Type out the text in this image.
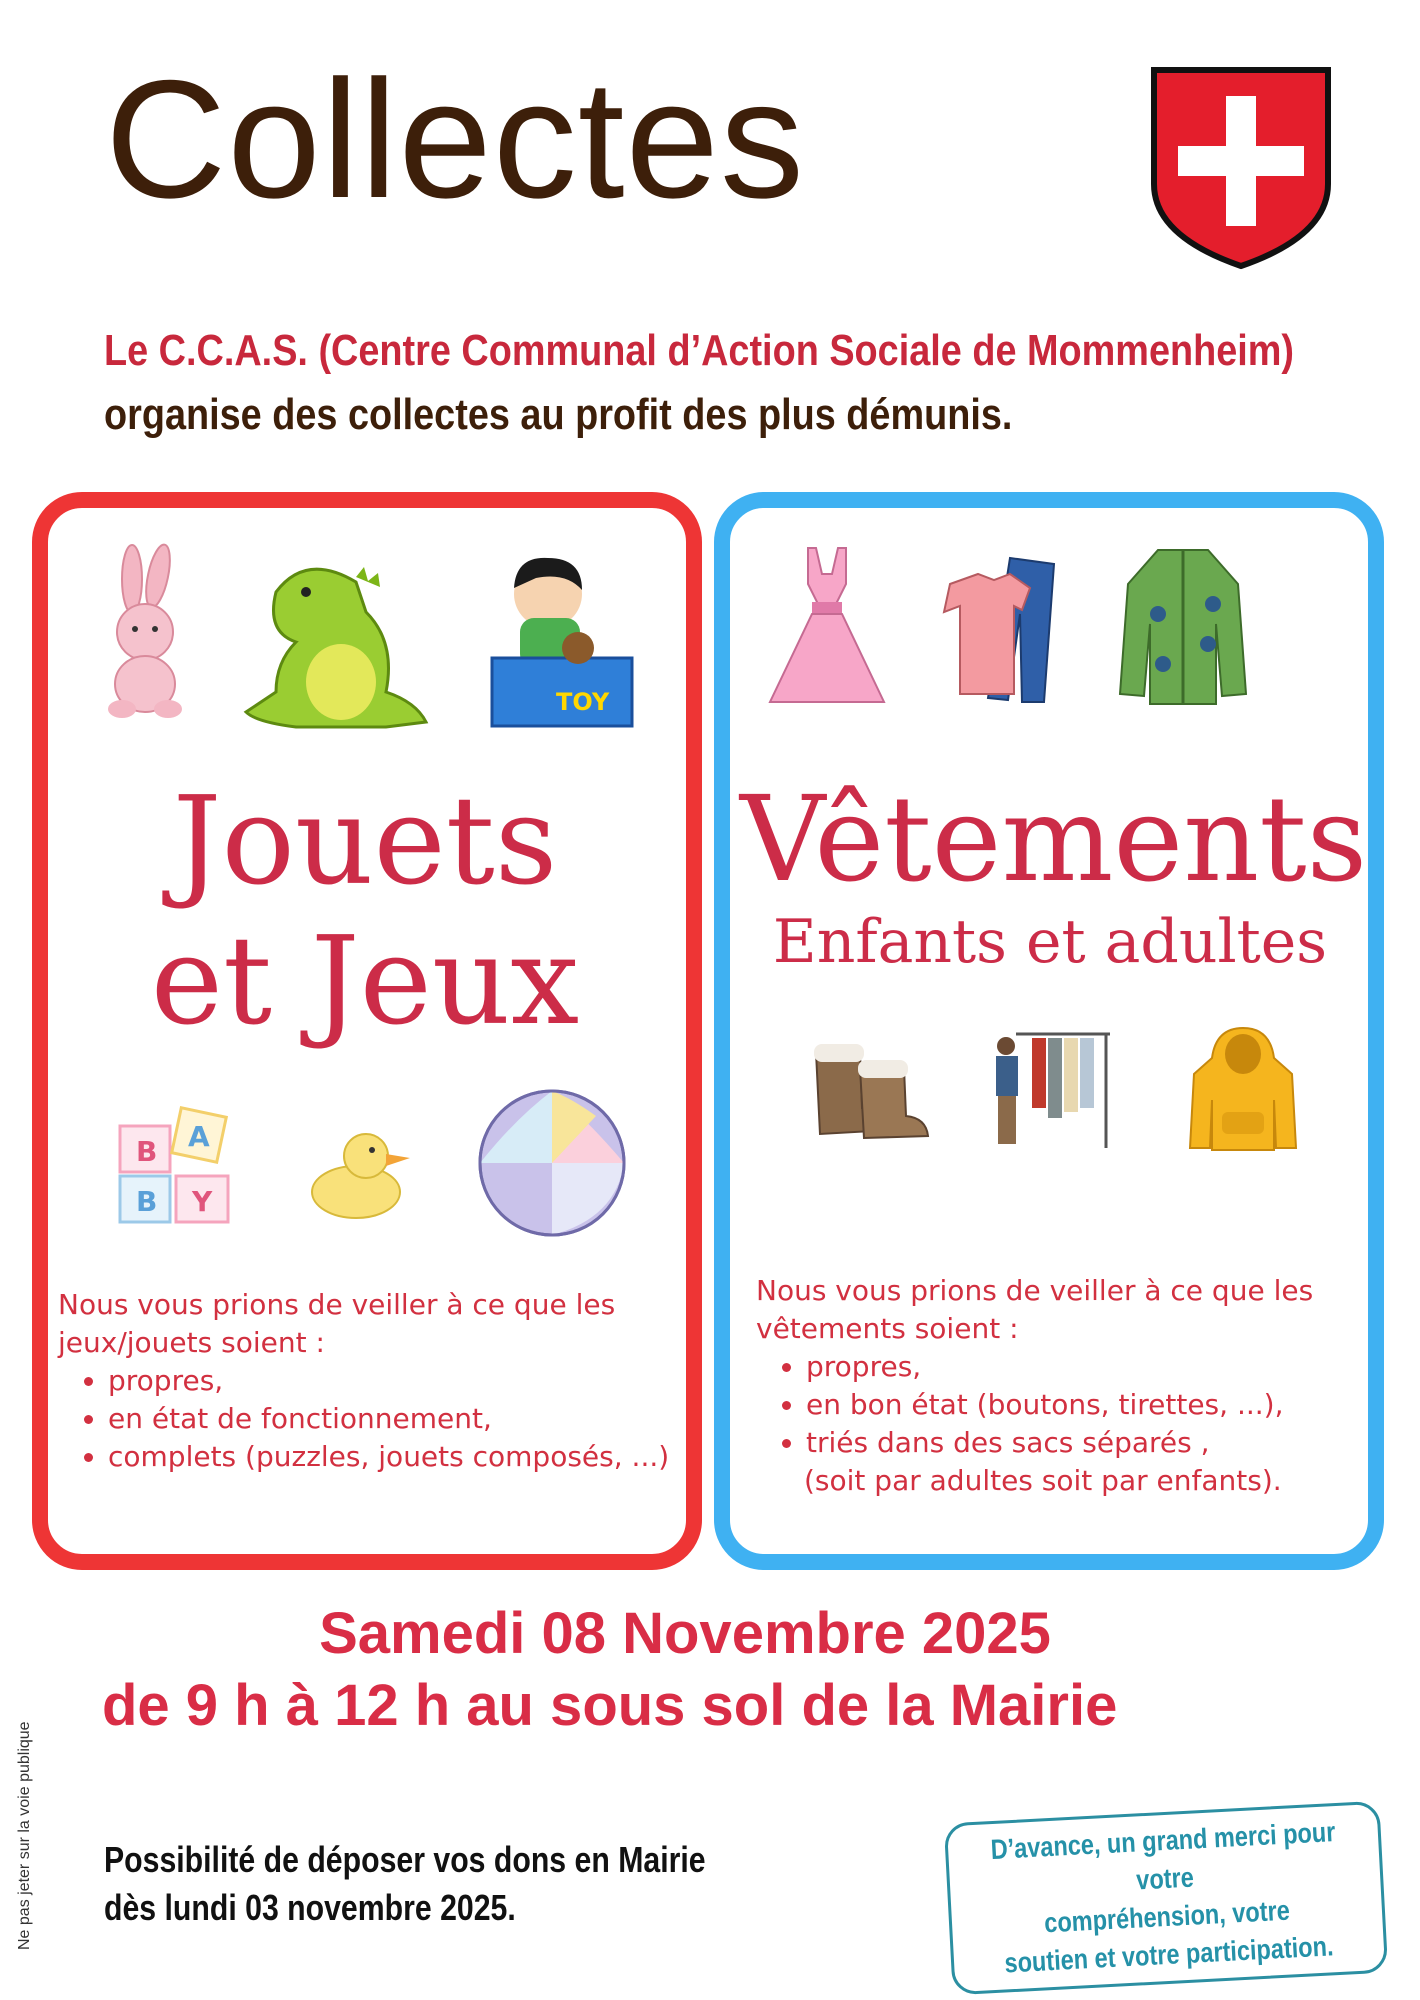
Collectes
Le C.C.A.S. (Centre Communal d’Action Sociale de Mommenheim)
organise des collectes au profit des plus démunis.
TOY
Jouets
et Jeux
B A
B Y
Nous vous prions de veiller à ce que les jeux/jouets soient :
• propres,
• en état de fonctionnement,
• complets (puzzles, jouets composés, ...)
Vêtements
Enfants et adultes
Nous vous prions de veiller à ce que les vêtements soient :
• propres,
• en bon état (boutons, tirettes, ...),
• triés dans des sacs séparés ,
(soit par adultes soit par enfants).
Samedi 08 Novembre 2025
de 9 h à 12 h au sous sol de la Mairie
Possibilité de déposer vos dons en Mairie
dès lundi 03 novembre 2025.
D’avance, un grand merci pour votre
compréhension, votre
soutien et votre participation.
Ne pas jeter sur la voie publique
